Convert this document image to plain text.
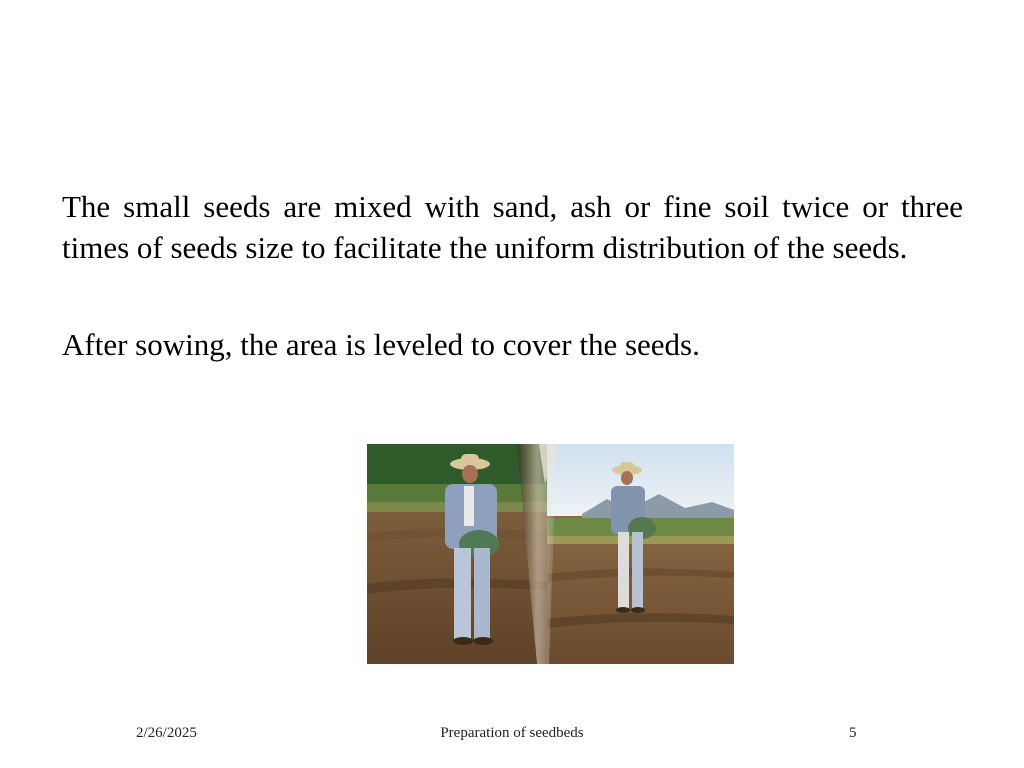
The small seeds are mixed with sand, ash or fine soil twice or three times of seeds size to facilitate the uniform distribution of the seeds.

After sowing, the area is leveled to cover the seeds.

2/26/2025	Preparation of seedbeds	5
